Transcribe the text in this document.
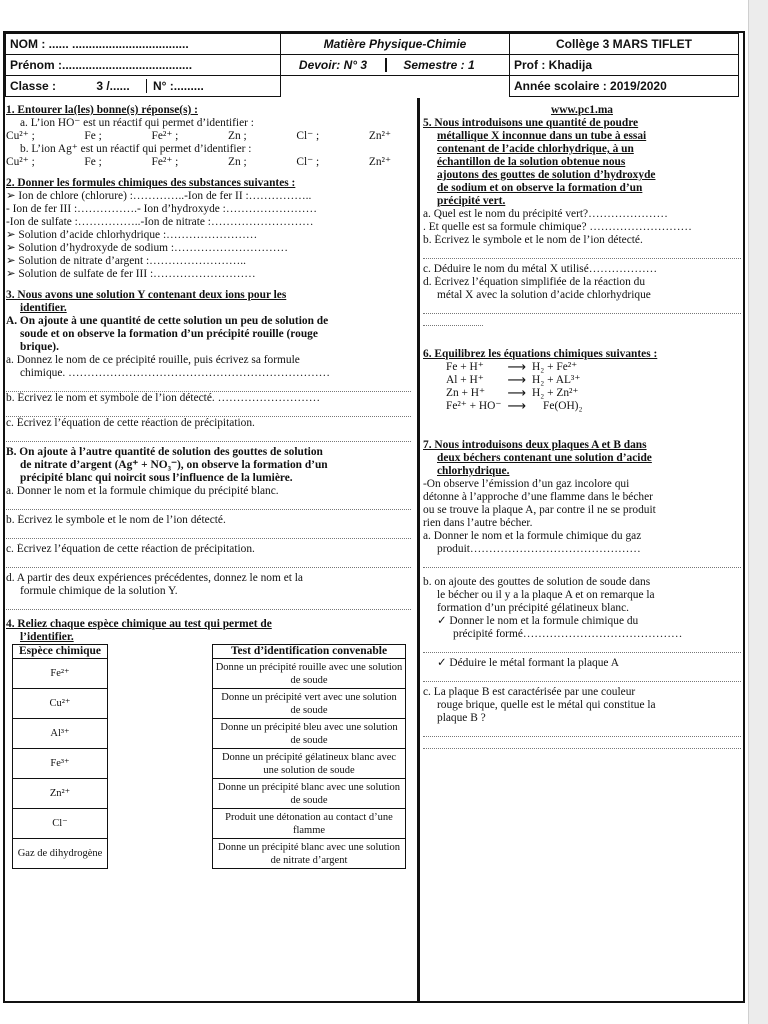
NOM : ...... ...................................	Matière Physique-Chimie	Collège 3 MARS TIFLET
Prénom :.......................................	Devoir: N° 3 Semestre : 1	Prof : Khadija
Classe : 3 /...... N° :.........		Année scolaire : 2019/2020
1. Entourer la(les) bonne(s) réponse(s) :
a. L’ion HO⁻ est un réactif qui permet d’identifier :
Cu²⁺ ;	Fe ;	Fe²⁺ ;	Zn ;	Cl⁻ ;	Zn²⁺
b. L’ion Ag⁺ est un réactif qui permet d’identifier :
Cu²⁺ ;	Fe ;	Fe²⁺ ;	Zn ;	Cl⁻ ;	Zn²⁺
2. Donner les formules chimiques des substances suivantes :
➢ Ion de chlore (chlorure) :…………..-Ion de fer II :……………..
- Ion de fer III :…………….- Ion d’hydroxyde :……………………
-Ion de sulfate :……………..-Ion de nitrate :………………………
➢ Solution d’acide chlorhydrique :……………………
➢ Solution d’hydroxyde de sodium :…………………………
➢ Solution de nitrate d’argent :……………………..
➢ Solution de sulfate de fer III :………………………
3. Nous avons une solution Y contenant deux ions pour les
identifier.
A. On ajoute à une quantité de cette solution un peu de solution de
soude et on observe la formation d’un précipité rouille (rouge
brique).
a. Donnez le nom de ce précipité rouille, puis écrivez sa formule
chimique. ……………………………………………………………
b. Écrivez le nom et symbole de l’ion détecté. ………………………
c. Écrivez l’équation de cette réaction de précipitation.
B. On ajoute à l’autre quantité de solution des gouttes de solution
de nitrate d’argent (Ag⁺ + NO₃⁻), on observe la formation d’un
précipité blanc qui noircit sous l’influence de la lumière.
a. Donner le nom et la formule chimique du précipité blanc.
b. Écrivez le symbole et le nom de l’ion détecté.
c. Écrivez l’équation de cette réaction de précipitation.
d. A partir des deux expériences précédentes, donnez le nom et la
formule chimique de la solution Y.
4. Reliez chaque espèce chimique au test qui permet de
l’identifier.
Espèce chimique		Test d’identification convenable
Fe²⁺		Donne un précipité rouille avec une solution de soude
Cu²⁺		Donne un précipité vert avec une solution de soude
Al³⁺		Donne un précipité bleu avec une solution de soude
Fe³⁺		Donne un précipité gélatineux blanc avec une solution de soude
Zn²⁺		Donne un précipité blanc avec une solution de soude
Cl⁻		Produit une détonation au contact d’une flamme
Gaz de dihydrogène		Donne un précipité blanc avec une solution de nitrate d’argent
www.pc1.ma
5. Nous introduisons une quantité de poudre
métallique X inconnue dans un tube à essai
contenant de l’acide chlorhydrique, à un
échantillon de la solution obtenue nous
ajoutons des gouttes de solution d’hydroxyde
de sodium et on observe la formation d’un
précipité vert.
a. Quel est le nom du précipité vert?…………………
. Et quelle est sa formule chimique? ………………………
b. Écrivez le symbole et le nom de l’ion détecté.
c. Déduire le nom du métal X utilisé………………
d. Écrivez l’équation simplifiée de la réaction du
métal X avec la solution d’acide chlorhydrique
6. Equilibrez les équations chimiques suivantes :
Fe + H⁺	⟶	H₂ + Fe²⁺
Al + H⁺	⟶	H₂ + AL³⁺
Zn + H⁺	⟶	H₂ + Zn²⁺
Fe²⁺ + HO⁻	⟶	Fe(OH)₂
7. Nous introduisons deux plaques A et B dans
deux béchers contenant une solution d’acide
chlorhydrique.
-On observe l’émission d’un gaz incolore qui
détonne à l’approche d’une flamme dans le bécher
ou se trouve la plaque A, par contre il ne se produit
rien dans l’autre bécher.
a. Donner le nom et la formule chimique du gaz
produit………………………………………
b. on ajoute des gouttes de solution de soude dans
le bécher ou il y a la plaque A et on remarque la
formation d’un précipité gélatineux blanc.
✓ Donner le nom et la formule chimique du
précipité formé……………………………………
✓ Déduire le métal formant la plaque A
c. La plaque B est caractérisée par une couleur
rouge brique, quelle est le métal qui constitue la
plaque B ?
